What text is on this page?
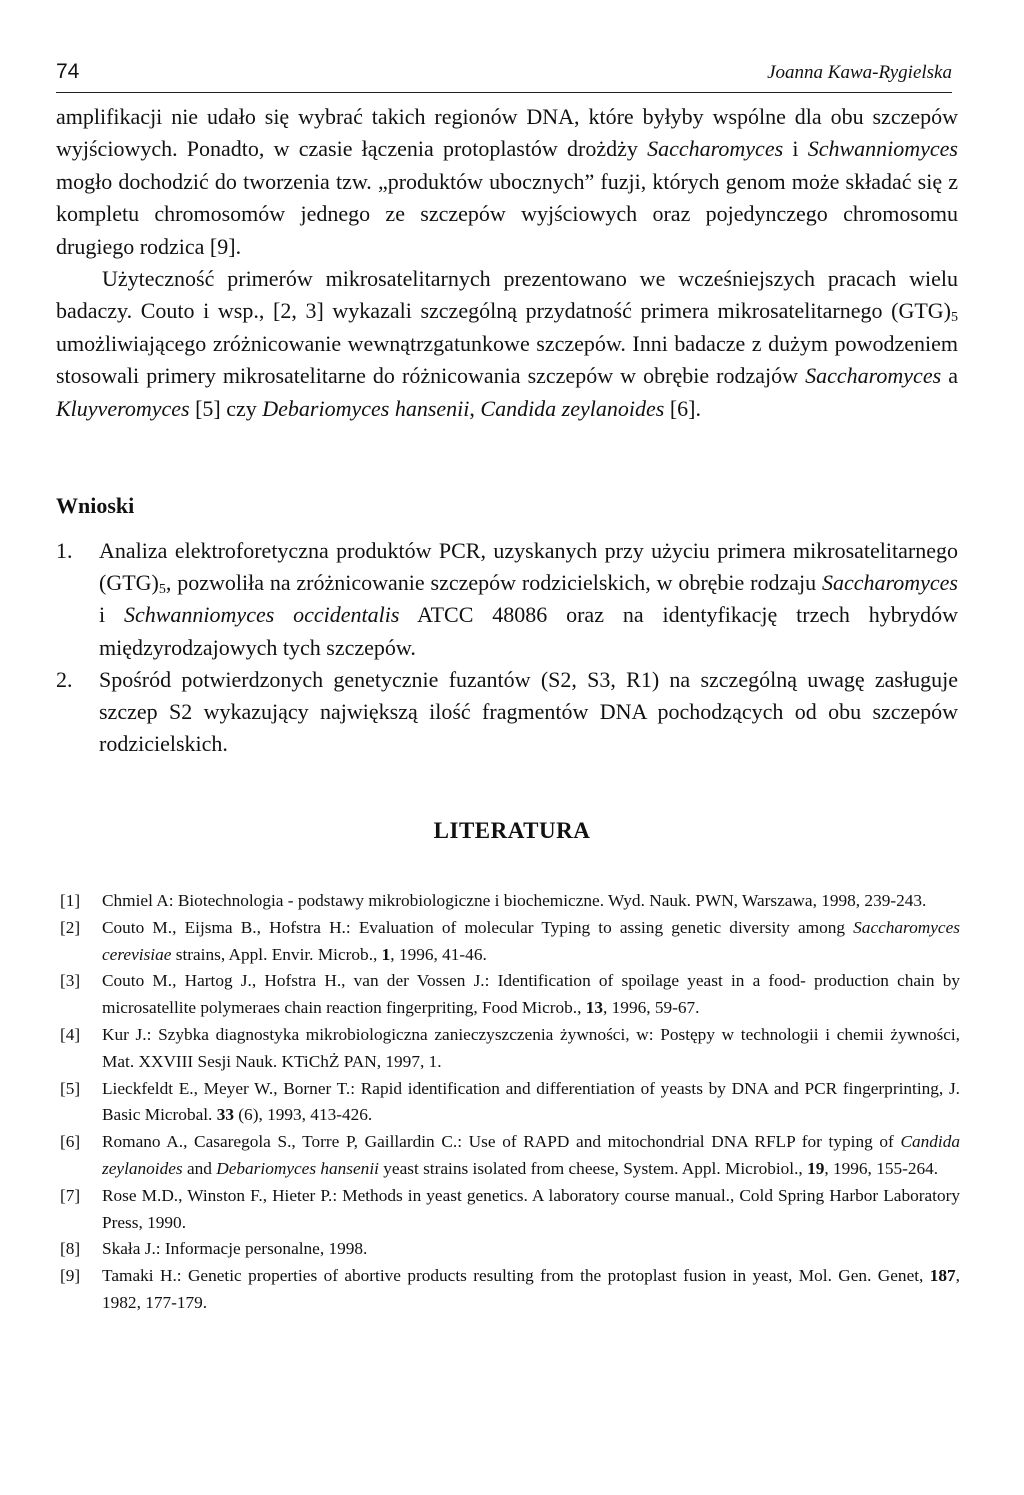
74	Joanna Kawa-Rygielska

amplifikacji nie udało się wybrać takich regionów DNA, które byłyby wspólne dla obu szczepów wyjściowych. Ponadto, w czasie łączenia protoplastów drożdży Saccharomyces i Schwanniomyces mogło dochodzić do tworzenia tzw. „produktów ubocznych” fuzji, których genom może składać się z kompletu chromosomów jednego ze szczepów wyjściowych oraz pojedynczego chromosomu drugiego rodzica [9].

Użyteczność primerów mikrosatelitarnych prezentowano we wcześniejszych pracach wielu badaczy. Couto i wsp., [2, 3] wykazali szczególną przydatność primera mikrosatelitarnego $(GTG)_5$ umożliwiającego zróżnicowanie wewnątrzgatunkowe szczepów. Inni badacze z dużym powodzeniem stosowali primery mikrosatelitarne do różnicowania szczepów w obrębie rodzajów Saccharomyces a Kluyveromyces [5] czy Debariomyces hansenii, Candida zeylanoides [6].

Wnioski
1. Analiza elektroforetyczna produktów PCR, uzyskanych przy użyciu primera mikrosatelitarnego $(GTG)_5$, pozwoliła na zróżnicowanie szczepów rodzicielskich, w obrębie rodzaju Saccharomyces i Schwanniomyces occidentalis ATCC 48086 oraz na identyfikację trzech hybrydów międzyrodzajowych tych szczepów.
2. Spośród potwierdzonych genetycznie fuzantów (S2, S3, R1) na szczególną uwagę zasługuje szczep S2 wykazujący największą ilość fragmentów DNA pochodzących od obu szczepów rodzicielskich.
LITERATURA
[1] Chmiel A: Biotechnologia - podstawy mikrobiologiczne i biochemiczne. Wyd. Nauk. PWN, Warszawa, 1998, 239-243.
[2] Couto M., Eijsma B., Hofstra H.: Evaluation of molecular Typing to assing genetic diversity among Saccharomyces cerevisiae strains, Appl. Envir. Microb., 1, 1996, 41-46.
[3] Couto M., Hartog J., Hofstra H., van der Vossen J.: Identification of spoilage yeast in a food- production chain by microsatellite polymeraes chain reaction fingerpriting, Food Microb., 13, 1996, 59-67.
[4] Kur J.: Szybka diagnostyka mikrobiologiczna zanieczyszczenia żywności, w: Postępy w technologii i chemii żywności, Mat. XXVIII Sesji Nauk. KTiChŻ PAN, 1997, 1.
[5] Lieckfeldt E., Meyer W., Borner T.: Rapid identification and differentiation of yeasts by DNA and PCR fingerprinting, J. Basic Microbal. 33 (6), 1993, 413-426.
[6] Romano A., Casaregola S., Torre P, Gaillardin C.: Use of RAPD and mitochondrial DNA RFLP for typing of Candida zeylanoides and Debariomyces hansenii yeast strains isolated from cheese, System. Appl. Microbiol., 19, 1996, 155-264.
[7] Rose M.D., Winston F., Hieter P.: Methods in yeast genetics. A laboratory course manual., Cold Spring Harbor Laboratory Press, 1990.
[8] Skała J.: Informacje personalne, 1998.
[9] Tamaki H.: Genetic properties of abortive products resulting from the protoplast fusion in yeast, Mol. Gen. Genet, 187, 1982, 177-179.
